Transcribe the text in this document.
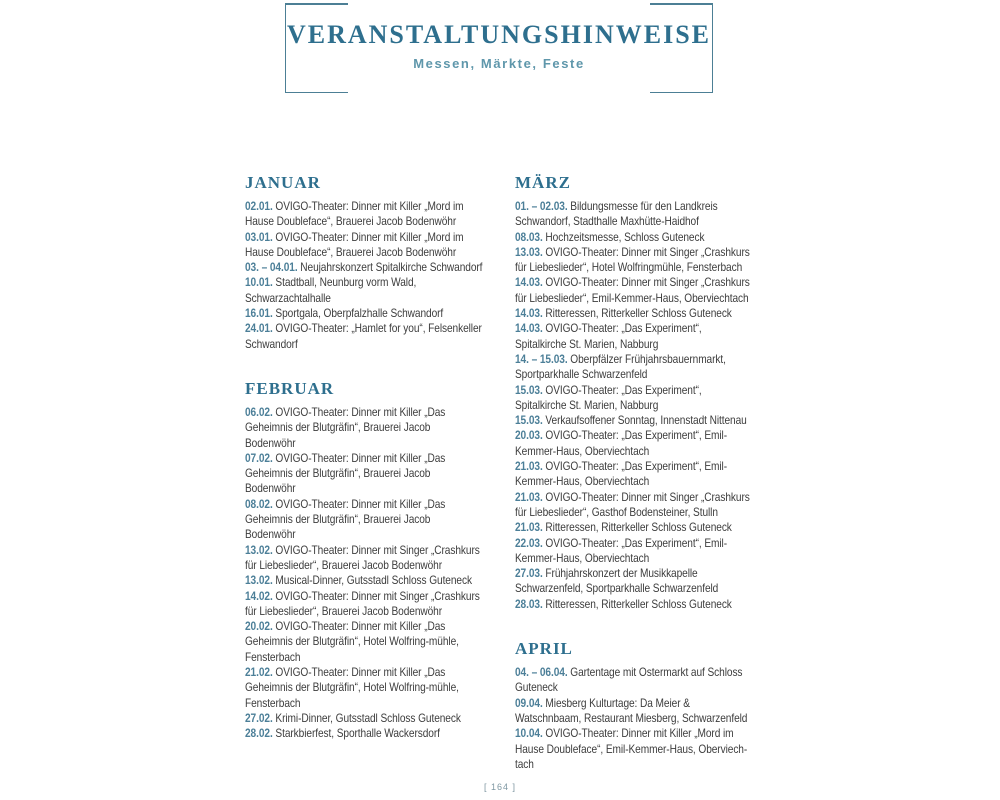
VERANSTALTUNGSHINWEISE
Messen, Märkte, Feste
JANUAR

02.01. OVIGO-Theater: Dinner mit Killer „Mord im Hause Doubleface“, Brauerei Jacob Bodenwöhr

03.01. OVIGO-Theater: Dinner mit Killer „Mord im Hause Doubleface“, Brauerei Jacob Bodenwöhr

03. – 04.01. Neujahrskonzert Spitalkirche Schwandorf

10.01. Stadtball, Neunburg vorm Wald, Schwarzachtalhalle

16.01. Sportgala, Oberpfalzhalle Schwandorf

24.01. OVIGO-Theater: „Hamlet for you“, Felsenkeller Schwandorf

FEBRUAR

06.02. OVIGO-Theater: Dinner mit Killer „Das Geheimnis der Blutgräfin“, Brauerei Jacob Bodenwöhr

07.02. OVIGO-Theater: Dinner mit Killer „Das Geheimnis der Blutgräfin“, Brauerei Jacob Bodenwöhr

08.02. OVIGO-Theater: Dinner mit Killer „Das Geheimnis der Blutgräfin“, Brauerei Jacob Bodenwöhr

13.02. OVIGO-Theater: Dinner mit Singer „Crashkurs für Liebeslieder“, Brauerei Jacob Bodenwöhr

13.02. Musical-Dinner, Gutsstadl Schloss Guteneck

14.02. OVIGO-Theater: Dinner mit Singer „Crashkurs für Liebeslieder“, Brauerei Jacob Bodenwöhr

20.02. OVIGO-Theater: Dinner mit Killer „Das Geheimnis der Blutgräfin“, Hotel Wolfring-mühle, Fensterbach

21.02. OVIGO-Theater: Dinner mit Killer „Das Geheimnis der Blutgräfin“, Hotel Wolfring-mühle, Fensterbach

27.02. Krimi-Dinner, Gutsstadl Schloss Guteneck

28.02. Starkbierfest, Sporthalle Wackersdorf

MÄRZ

01. – 02.03. Bildungsmesse für den Landkreis Schwandorf, Stadthalle Maxhütte-Haidhof

08.03. Hochzeitsmesse, Schloss Guteneck

13.03. OVIGO-Theater: Dinner mit Singer „Crashkurs für Liebeslieder“, Hotel Wolfringmühle, Fensterbach

14.03. OVIGO-Theater: Dinner mit Singer „Crashkurs für Liebeslieder“, Emil-Kemmer-Haus, Oberviechtach

14.03. Ritteressen, Ritterkeller Schloss Guteneck

14.03. OVIGO-Theater: „Das Experiment“, Spitalkirche St. Marien, Nabburg

14. – 15.03. Oberpfälzer Frühjahrsbauernmarkt, Sportparkhalle Schwarzenfeld

15.03. OVIGO-Theater: „Das Experiment“, Spitalkirche St. Marien, Nabburg

15.03. Verkaufsoffener Sonntag, Innenstadt Nittenau

20.03. OVIGO-Theater: „Das Experiment“, Emil-Kemmer-Haus, Oberviechtach

21.03. OVIGO-Theater: „Das Experiment“, Emil-Kemmer-Haus, Oberviechtach

21.03. OVIGO-Theater: Dinner mit Singer „Crashkurs für Liebeslieder“, Gasthof Bodensteiner, Stulln

21.03. Ritteressen, Ritterkeller Schloss Guteneck

22.03. OVIGO-Theater: „Das Experiment“, Emil-Kemmer-Haus, Oberviechtach

27.03. Frühjahrskonzert der Musikkapelle Schwarzenfeld, Sportparkhalle Schwarzenfeld

28.03. Ritteressen, Ritterkeller Schloss Guteneck

APRIL

04. – 06.04. Gartentage mit Ostermarkt auf Schloss Guteneck

09.04. Miesberg Kulturtage: Da Meier & Watschnbaam, Restaurant Miesberg, Schwarzenfeld

10.04. OVIGO-Theater: Dinner mit Killer „Mord im Hause Doubleface“, Emil-Kemmer-Haus, Oberviech-tach

[ 164 ]
